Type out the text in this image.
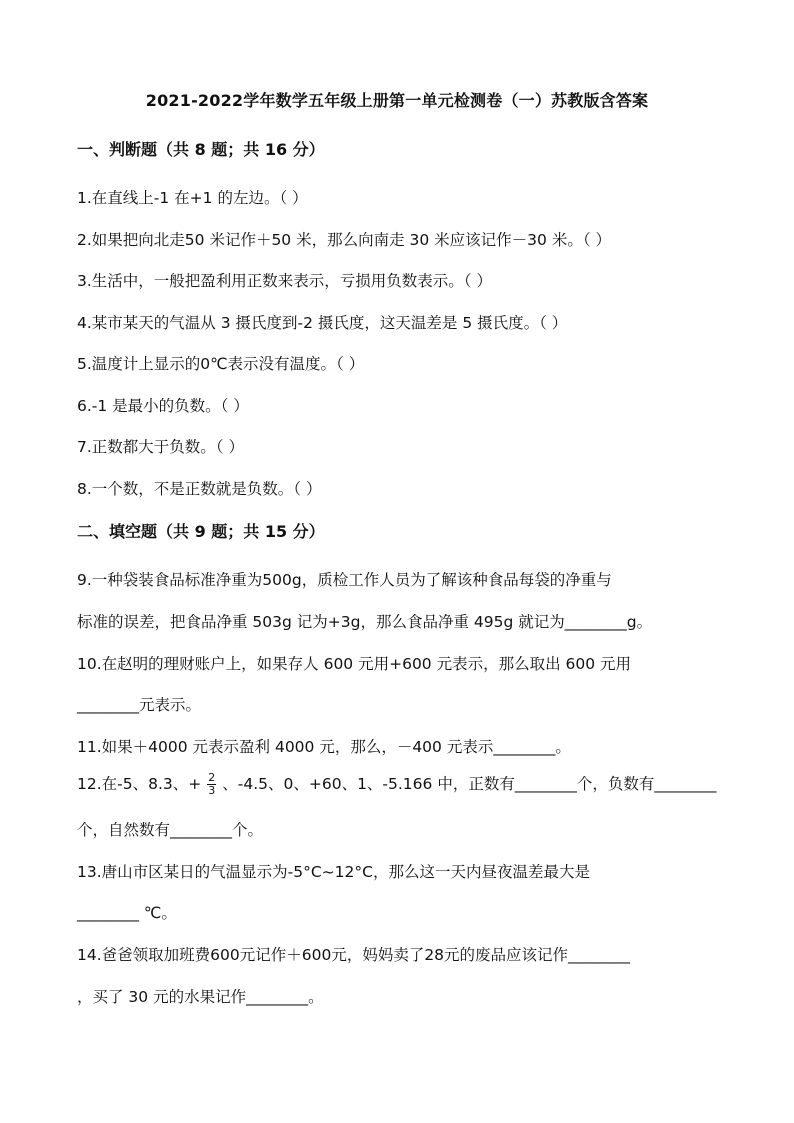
2021-2022学年数学五年级上册第一单元检测卷（一）苏教版含答案
一、判断题（共 8 题；共 16 分）
1.在直线上-1 在+1 的左边。（ ）
2.如果把向北走50 米记作＋50 米，那么向南走 30 米应该记作－30 米。（ ）
3.生活中，一般把盈利用正数来表示，亏损用负数表示。（ ）
4.某市某天的气温从 3 摄氏度到-2 摄氏度，这天温差是 5 摄氏度。（ ）
5.温度计上显示的0℃表示没有温度。（ ）
6.-1 是最小的负数。（ ）
7.正数都大于负数。（ ）
8.一个数，不是正数就是负数。（ ）
二、填空题（共 9 题；共 15 分）
9.一种袋装食品标准净重为500g，质检工作人员为了解该种食品每袋的净重与
标准的误差，把食品净重 503g 记为+3g，那么食品净重 495g 就记为________g。
10.在赵明的理财账户上，如果存人 600 元用+600 元表示，那么取出 600 元用
________元表示。
11.如果＋4000 元表示盈利 4000 元，那么，－400 元表示________。
12.在-5、8.3、+ $\frac{2}{3}$ 、-4.5、0、+60、1、-5.166 中，正数有________个，负数有________
个，自然数有________个。
13.唐山市区某日的气温显示为-5°C~12°C，那么这一天内昼夜温差最大是
________ ℃。
14.爸爸领取加班费600元记作＋600元，妈妈卖了28元的废品应该记作________
，买了 30 元的水果记作________。
